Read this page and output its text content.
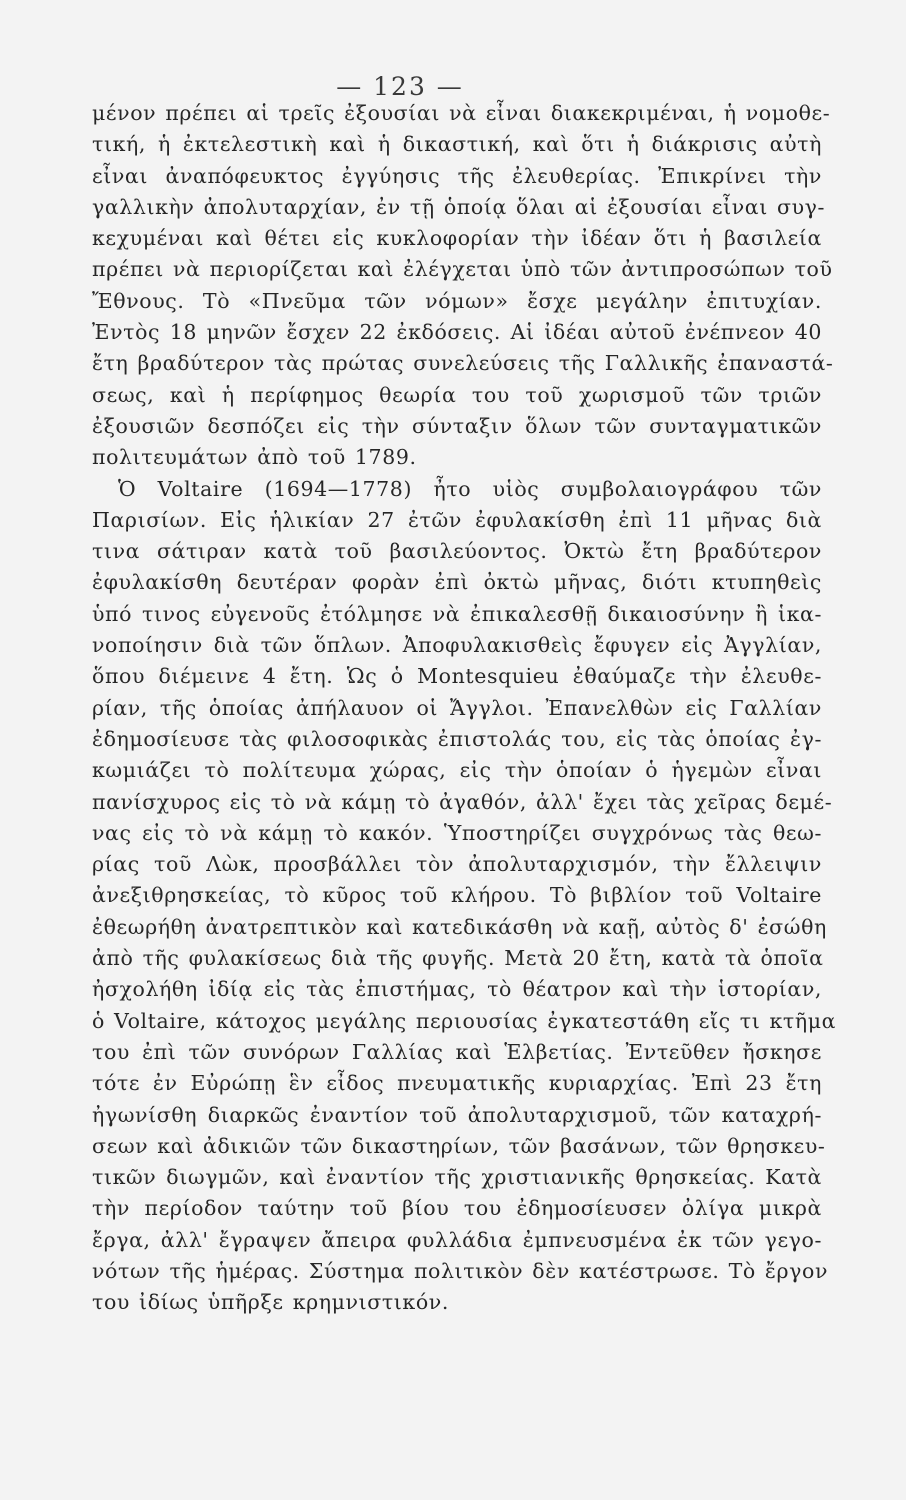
— 123 —
μένον πρέπει αἱ τρεῖς ἐξουσίαι νὰ εἶναι διακεκριμέναι, ἡ νομοθε-
τική, ἡ ἐκτελεστικὴ καὶ ἡ δικαστική, καὶ ὅτι ἡ διάκρισις αὐτὴ
εἶναι ἀναπόφευκτος ἐγγύησις τῆς ἐλευθερίας. Ἐπικρίνει τὴν
γαλλικὴν ἀπολυταρχίαν, ἐν τῇ ὁποίᾳ ὅλαι αἱ ἐξουσίαι εἶναι συγ-
κεχυμέναι καὶ θέτει εἰς κυκλοφορίαν τὴν ἰδέαν ὅτι ἡ βασιλεία
πρέπει νὰ περιορίζεται καὶ ἐλέγχεται ὑπὸ τῶν ἀντιπροσώπων τοῦ
Ἔθνους. Τὸ «Πνεῦμα τῶν νόμων» ἔσχε μεγάλην ἐπιτυχίαν.
Ἐντὸς 18 μηνῶν ἔσχεν 22 ἐκδόσεις. Αἱ ἰδέαι αὐτοῦ ἐνέπνεον 40
ἔτη βραδύτερον τὰς πρώτας συνελεύσεις τῆς Γαλλικῆς ἐπαναστά-
σεως, καὶ ἡ περίφημος θεωρία του τοῦ χωρισμοῦ τῶν τριῶν
ἐξουσιῶν δεσπόζει εἰς τὴν σύνταξιν ὅλων τῶν συνταγματικῶν
πολιτευμάτων ἀπὸ τοῦ 1789.
Ὁ Voltaire (1694—1778) ἦτο υἱὸς συμβολαιογράφου τῶν
Παρισίων. Εἰς ἡλικίαν 27 ἐτῶν ἐφυλακίσθη ἐπὶ 11 μῆνας διὰ
τινα σάτιραν κατὰ τοῦ βασιλεύοντος. Ὀκτὼ ἔτη βραδύτερον
ἐφυλακίσθη δευτέραν φορὰν ἐπὶ ὀκτὼ μῆνας, διότι κτυπηθεὶς
ὑπό τινος εὐγενοῦς ἐτόλμησε νὰ ἐπικαλεσθῇ δικαιοσύνην ἢ ἱκα-
νοποίησιν διὰ τῶν ὅπλων. Ἀποφυλακισθεὶς ἔφυγεν εἰς Ἀγγλίαν,
ὅπου διέμεινε 4 ἔτη. Ὡς ὁ Montesquieu ἐθαύμαζε τὴν ἐλευθε-
ρίαν, τῆς ὁποίας ἀπήλαυον οἱ Ἄγγλοι. Ἐπανελθὼν εἰς Γαλλίαν
ἐδημοσίευσε τὰς φιλοσοφικὰς ἐπιστολάς του, εἰς τὰς ὁποίας ἐγ-
κωμιάζει τὸ πολίτευμα χώρας, εἰς τὴν ὁποίαν ὁ ἡγεμὼν εἶναι
πανίσχυρος εἰς τὸ νὰ κάμῃ τὸ ἀγαθόν, ἀλλ' ἔχει τὰς χεῖρας δεμέ-
νας εἰς τὸ νὰ κάμῃ τὸ κακόν. Ὑποστηρίζει συγχρόνως τὰς θεω-
ρίας τοῦ Λὼκ, προσβάλλει τὸν ἀπολυταρχισμόν, τὴν ἔλλειψιν
ἀνεξιθρησκείας, τὸ κῦρος τοῦ κλήρου. Τὸ βιβλίον τοῦ Voltaire
ἐθεωρήθη ἀνατρεπτικὸν καὶ κατεδικάσθη νὰ καῇ, αὐτὸς δ' ἐσώθη
ἀπὸ τῆς φυλακίσεως διὰ τῆς φυγῆς. Μετὰ 20 ἔτη, κατὰ τὰ ὁποῖα
ἠσχολήθη ἰδίᾳ εἰς τὰς ἐπιστήμας, τὸ θέατρον καὶ τὴν ἱστορίαν,
ὁ Voltaire, κάτοχος μεγάλης περιουσίας ἐγκατεστάθη εἴς τι κτῆμα
του ἐπὶ τῶν συνόρων Γαλλίας καὶ Ἑλβετίας. Ἐντεῦθεν ἤσκησε
τότε ἐν Εὐρώπῃ ἓν εἶδος πνευματικῆς κυριαρχίας. Ἐπὶ 23 ἔτη
ἠγωνίσθη διαρκῶς ἐναντίον τοῦ ἀπολυταρχισμοῦ, τῶν καταχρή-
σεων καὶ ἀδικιῶν τῶν δικαστηρίων, τῶν βασάνων, τῶν θρησκευ-
τικῶν διωγμῶν, καὶ ἐναντίον τῆς χριστιανικῆς θρησκείας. Κατὰ
τὴν περίοδον ταύτην τοῦ βίου του ἐδημοσίευσεν ὀλίγα μικρὰ
ἔργα, ἀλλ' ἔγραψεν ἄπειρα φυλλάδια ἐμπνευσμένα ἐκ τῶν γεγο-
νότων τῆς ἡμέρας. Σύστημα πολιτικὸν δὲν κατέστρωσε. Τὸ ἔργον
του ἰδίως ὑπῆρξε κρημνιστικόν.
